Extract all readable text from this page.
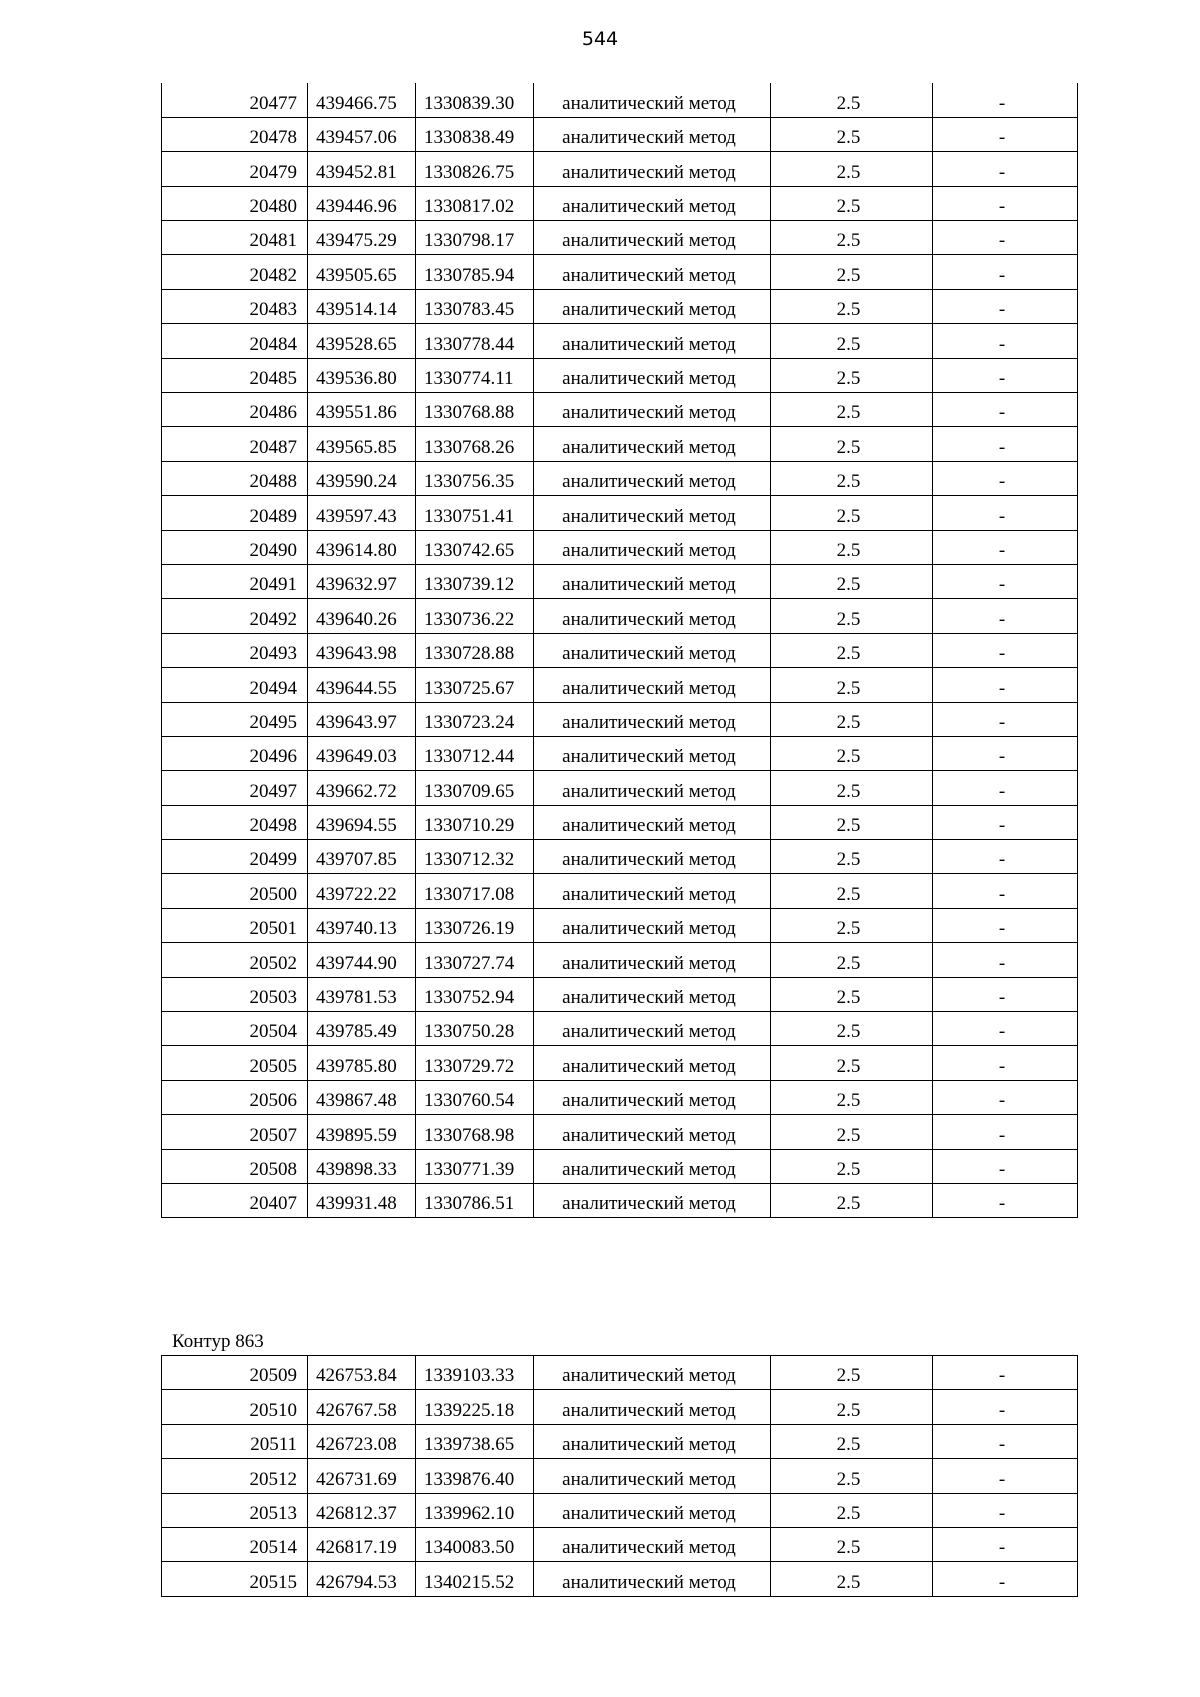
544
20477	439466.75	1330839.30	аналитический метод	2.5	-
20478	439457.06	1330838.49	аналитический метод	2.5	-
20479	439452.81	1330826.75	аналитический метод	2.5	-
20480	439446.96	1330817.02	аналитический метод	2.5	-
20481	439475.29	1330798.17	аналитический метод	2.5	-
20482	439505.65	1330785.94	аналитический метод	2.5	-
20483	439514.14	1330783.45	аналитический метод	2.5	-
20484	439528.65	1330778.44	аналитический метод	2.5	-
20485	439536.80	1330774.11	аналитический метод	2.5	-
20486	439551.86	1330768.88	аналитический метод	2.5	-
20487	439565.85	1330768.26	аналитический метод	2.5	-
20488	439590.24	1330756.35	аналитический метод	2.5	-
20489	439597.43	1330751.41	аналитический метод	2.5	-
20490	439614.80	1330742.65	аналитический метод	2.5	-
20491	439632.97	1330739.12	аналитический метод	2.5	-
20492	439640.26	1330736.22	аналитический метод	2.5	-
20493	439643.98	1330728.88	аналитический метод	2.5	-
20494	439644.55	1330725.67	аналитический метод	2.5	-
20495	439643.97	1330723.24	аналитический метод	2.5	-
20496	439649.03	1330712.44	аналитический метод	2.5	-
20497	439662.72	1330709.65	аналитический метод	2.5	-
20498	439694.55	1330710.29	аналитический метод	2.5	-
20499	439707.85	1330712.32	аналитический метод	2.5	-
20500	439722.22	1330717.08	аналитический метод	2.5	-
20501	439740.13	1330726.19	аналитический метод	2.5	-
20502	439744.90	1330727.74	аналитический метод	2.5	-
20503	439781.53	1330752.94	аналитический метод	2.5	-
20504	439785.49	1330750.28	аналитический метод	2.5	-
20505	439785.80	1330729.72	аналитический метод	2.5	-
20506	439867.48	1330760.54	аналитический метод	2.5	-
20507	439895.59	1330768.98	аналитический метод	2.5	-
20508	439898.33	1330771.39	аналитический метод	2.5	-
20407	439931.48	1330786.51	аналитический метод	2.5	-
Контур 863
20509	426753.84	1339103.33	аналитический метод	2.5	-
20510	426767.58	1339225.18	аналитический метод	2.5	-
20511	426723.08	1339738.65	аналитический метод	2.5	-
20512	426731.69	1339876.40	аналитический метод	2.5	-
20513	426812.37	1339962.10	аналитический метод	2.5	-
20514	426817.19	1340083.50	аналитический метод	2.5	-
20515	426794.53	1340215.52	аналитический метод	2.5	-
